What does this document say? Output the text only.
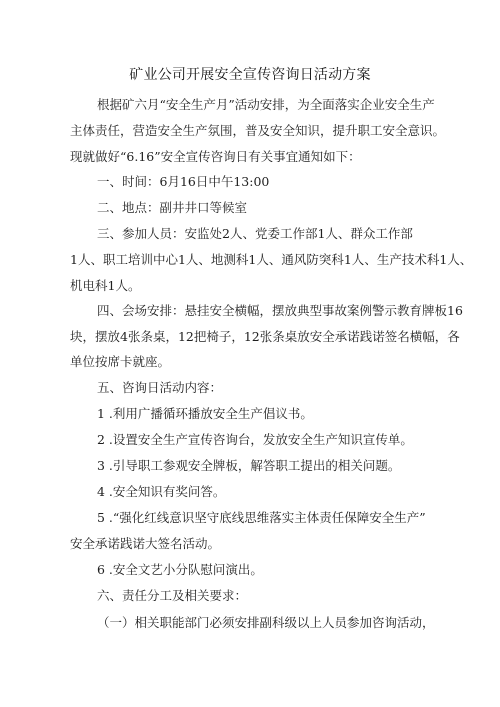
矿业公司开展安全宣传咨询日活动方案
根据矿六月“安全生产月”活动安排，为全面落实企业安全生产
主体责任，营造安全生产氛围，普及安全知识，提升职工安全意识。
现就做好“6.16”安全宣传咨询日有关事宜通知如下：
一、时间：6月16日中午13:00
二、地点：副井井口等候室
三、参加人员：安监处2人、党委工作部1人、群众工作部
1人、职工培训中心1人、地测科1人、通风防突科1人、生产技术科1人、
机电科1人。
四、会场安排：悬挂安全横幅，摆放典型事故案例警示教育牌板16
块，摆放4张条桌，12把椅子，12张条桌放安全承诺践诺签名横幅，各
单位按席卡就座。
五、咨询日活动内容：
1 .利用广播循环播放安全生产倡议书。
2 .设置安全生产宣传咨询台，发放安全生产知识宣传单。
3 .引导职工参观安全牌板，解答职工提出的相关问题。
4 .安全知识有奖问答。
5 .“强化红线意识坚守底线思维落实主体责任保障安全生产”
安全承诺践诺大签名活动。
6 .安全文艺小分队慰问演出。
六、责任分工及相关要求：
（一）相关职能部门必须安排副科级以上人员参加咨询活动，
